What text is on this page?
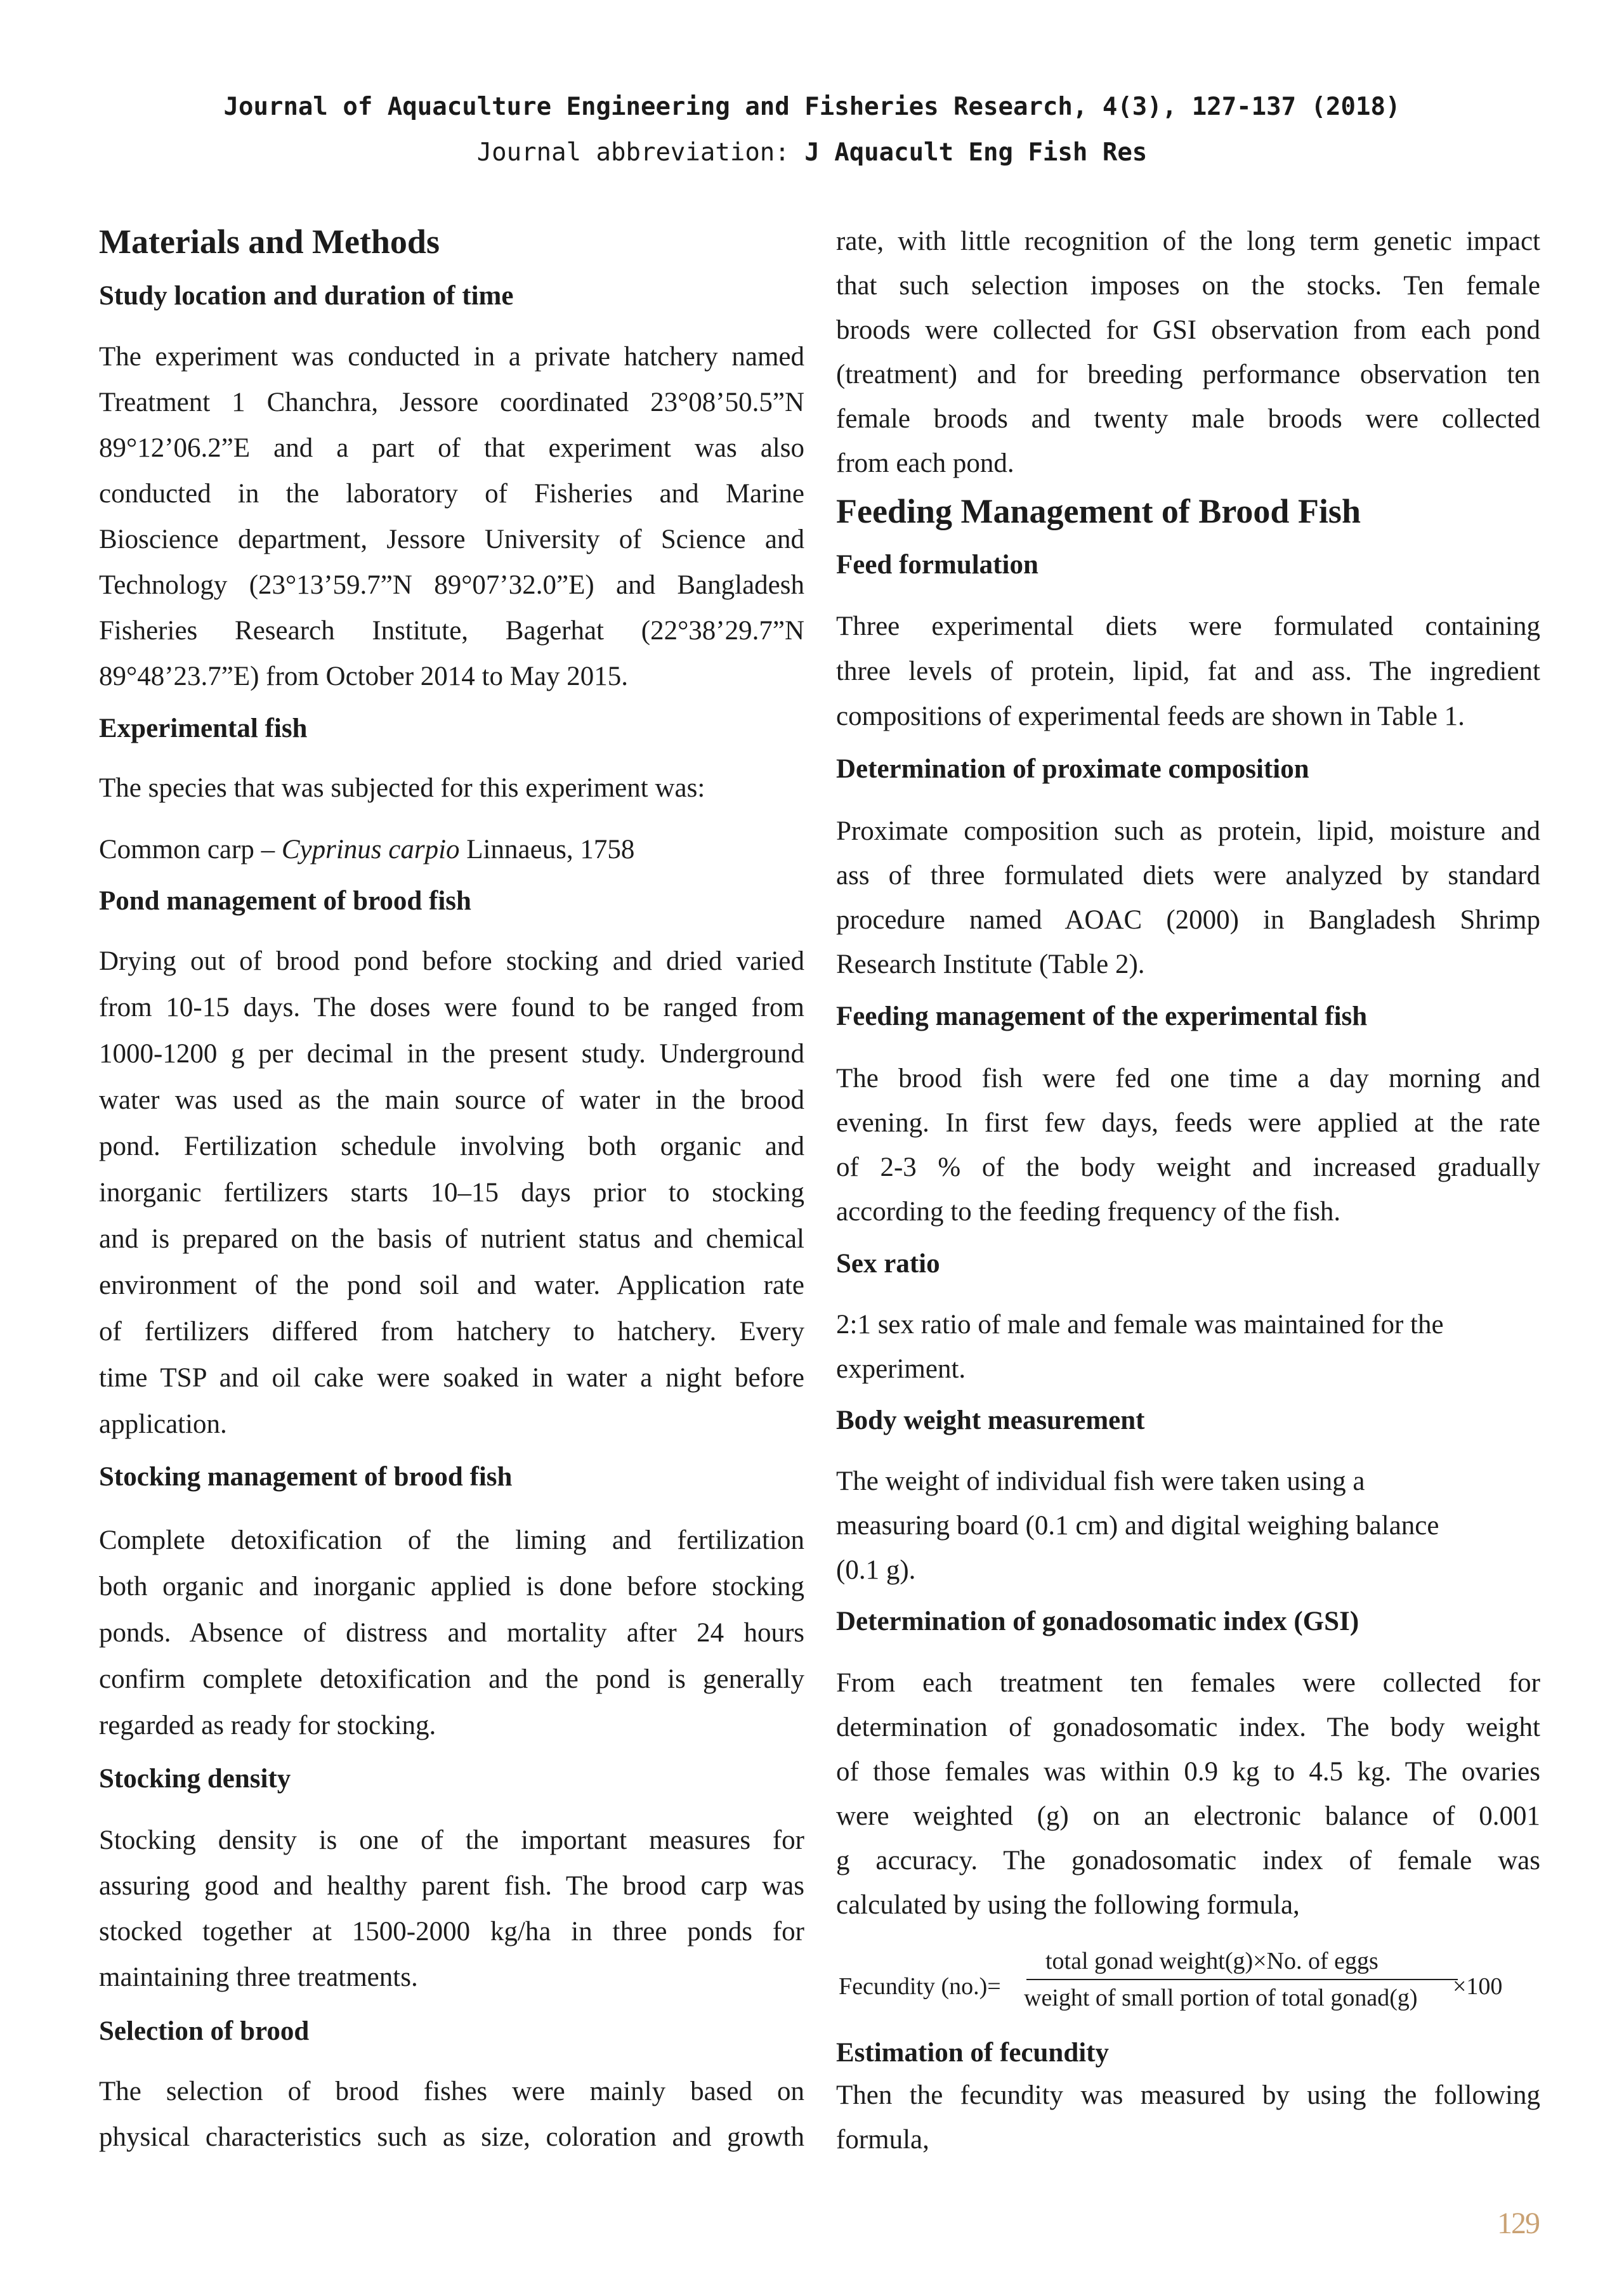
Journal of Aquaculture Engineering and Fisheries Research, 4(3), 127-137 (2018)
Journal abbreviation: J Aquacult Eng Fish Res
Materials and Methods
Study location and duration of time
The experiment was conducted in a private hatchery named
Treatment 1 Chanchra, Jessore coordinated 23°08’50.5”N
89°12’06.2”E and a part of that experiment was also
conducted in the laboratory of Fisheries and Marine
Bioscience department, Jessore University of Science and
Technology (23°13’59.7”N 89°07’32.0”E) and Bangladesh
Fisheries Research Institute, Bagerhat (22°38’29.7”N
89°48’23.7”E) from October 2014 to May 2015.
Experimental fish
The species that was subjected for this experiment was:
Common carp – Cyprinus carpio Linnaeus, 1758
Pond management of brood fish
Drying out of brood pond before stocking and dried varied
from 10-15 days. The doses were found to be ranged from
1000-1200 g per decimal in the present study. Underground
water was used as the main source of water in the brood
pond. Fertilization schedule involving both organic and
inorganic fertilizers starts 10–15 days prior to stocking
and is prepared on the basis of nutrient status and chemical
environment of the pond soil and water. Application rate
of fertilizers differed from hatchery to hatchery. Every
time TSP and oil cake were soaked in water a night before
application.
Stocking management of brood fish
Complete detoxification of the liming and fertilization
both organic and inorganic applied is done before stocking
ponds. Absence of distress and mortality after 24 hours
confirm complete detoxification and the pond is generally
regarded as ready for stocking.
Stocking density
Stocking density is one of the important measures for
assuring good and healthy parent fish. The brood carp was
stocked together at 1500-2000 kg/ha in three ponds for
maintaining three treatments.
Selection of brood
The selection of brood fishes were mainly based on
physical characteristics such as size, coloration and growth
rate, with little recognition of the long term genetic impact
that such selection imposes on the stocks. Ten female
broods were collected for GSI observation from each pond
(treatment) and for breeding performance observation ten
female broods and twenty male broods were collected
from each pond.
Feeding Management of Brood Fish
Feed formulation
Three experimental diets were formulated containing
three levels of protein, lipid, fat and ass. The ingredient
compositions of experimental feeds are shown in Table 1.
Determination of proximate composition
Proximate composition such as protein, lipid, moisture and
ass of three formulated diets were analyzed by standard
procedure named AOAC (2000) in Bangladesh Shrimp
Research Institute (Table 2).
Feeding management of the experimental fish
The brood fish were fed one time a day morning and
evening. In first few days, feeds were applied at the rate
of 2-3 % of the body weight and increased gradually
according to the feeding frequency of the fish.
Sex ratio
2:1 sex ratio of male and female was maintained for the
experiment.
Body weight measurement
The weight of individual fish were taken using a
measuring board (0.1 cm) and digital weighing balance
(0.1 g).
Determination of gonadosomatic index (GSI)
From each treatment ten females were collected for
determination of gonadosomatic index. The body weight
of those females was within 0.9 kg to 4.5 kg. The ovaries
were weighted (g) on an electronic balance of 0.001
g accuracy. The gonadosomatic index of female was
calculated by using the following formula,
Fecundity (no.)=
total gonad weight(g)×No. of eggs
weight of small portion of total gonad(g)	×100
Estimation of fecundity
Then the fecundity was measured by using the following
formula,
129
